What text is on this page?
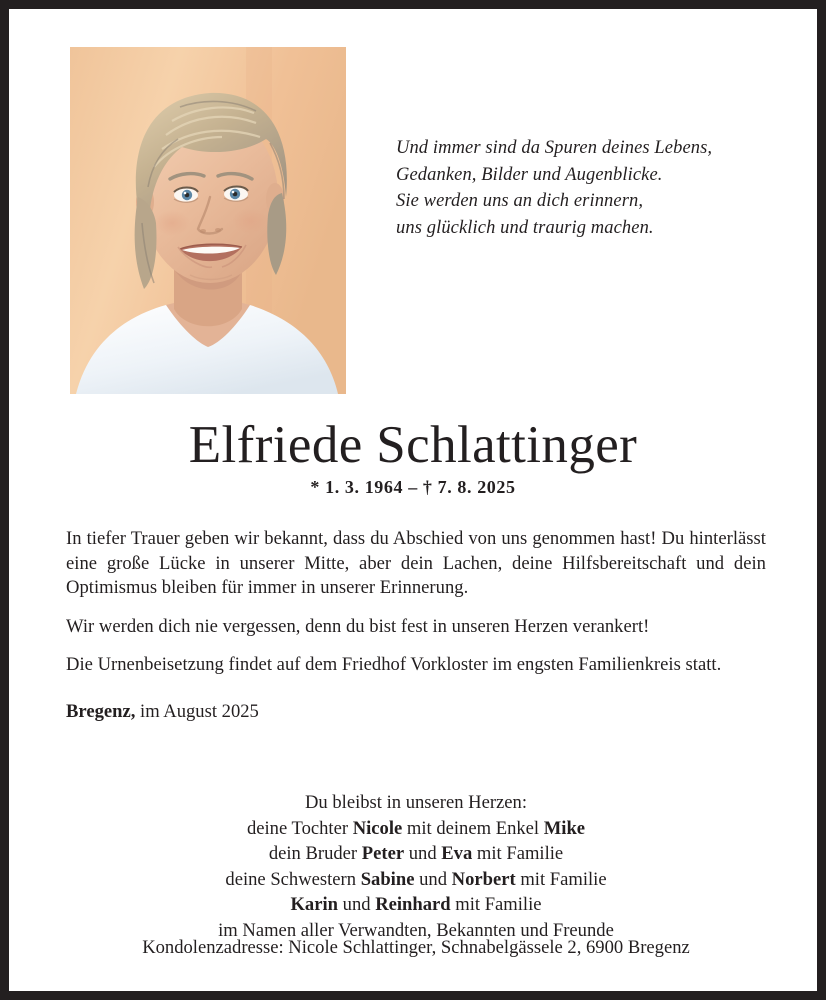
Und immer sind da Spuren deines Lebens,
Gedanken, Bilder und Augenblicke.
Sie werden uns an dich erinnern,
uns glücklich und traurig machen.
Elfriede Schlattinger
* 1. 3. 1964 – † 7. 8. 2025

In tiefer Trauer geben wir bekannt, dass du Abschied von uns genommen hast! Du hinterlässt eine große Lücke in unserer Mitte, aber dein Lachen, deine Hilfsbereitschaft und dein Optimismus bleiben für immer in unserer Erinnerung.

Wir werden dich nie vergessen, denn du bist fest in unseren Herzen verankert!

Die Urnenbeisetzung findet auf dem Friedhof Vorkloster im engsten Familienkreis statt.

Bregenz, im August 2025

Du bleibst in unseren Herzen:
deine Tochter Nicole mit deinem Enkel Mike
dein Bruder Peter und Eva mit Familie
deine Schwestern Sabine und Norbert mit Familie
Karin und Reinhard mit Familie
im Namen aller Verwandten, Bekannten und Freunde
Kondolenzadresse: Nicole Schlattinger, Schnabelgässele 2, 6900 Bregenz
